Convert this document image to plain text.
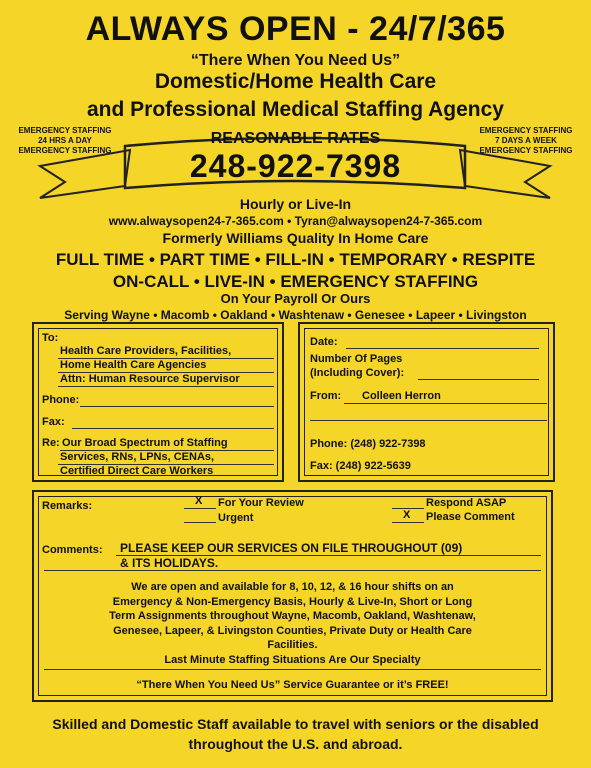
ALWAYS OPEN - 24/7/365
“There When You Need Us”
Domestic/Home Health Care
and Professional Medical Staffing Agency
EMERGENCY STAFFING
24 HRS A DAY
EMERGENCY STAFFING
EMERGENCY STAFFING
7 DAYS A WEEK
EMERGENCY STAFFING
REASONABLE RATES
248-922-7398
Hourly or Live-In
www.alwaysopen24-7-365.com • Tyran@alwaysopen24-7-365.com
Formerly Williams Quality In Home Care
FULL TIME • PART TIME • FILL-IN • TEMPORARY • RESPITE
ON-CALL • LIVE-IN • EMERGENCY STAFFING
On Your Payroll Or Ours
Serving Wayne • Macomb • Oakland • Washtenaw • Genesee • Lapeer • Livingston
To:
Health Care Providers, Facilities,
Home Health Care Agencies
Attn: Human Resource Supervisor
Phone:
Fax:
Re: Our Broad Spectrum of Staffing
Services, RNs, LPNs, CENAs,
Certified Direct Care Workers
Date:
Number Of Pages
(Including Cover):
From: Colleen Herron
Phone: (248) 922-7398
Fax: (248) 922-5639
Remarks:	X For Your Review
Urgent
Respond ASAP
X Please Comment
Comments: PLEASE KEEP OUR SERVICES ON FILE THROUGHOUT (09)
& ITS HOLIDAYS.
We are open and available for 8, 10, 12, & 16 hour shifts on an
Emergency & Non-Emergency Basis, Hourly & Live-In, Short or Long
Term Assignments throughout Wayne, Macomb, Oakland, Washtenaw,
Genesee, Lapeer, & Livingston Counties, Private Duty or Health Care
Facilities.
Last Minute Staffing Situations Are Our Specialty
“There When You Need Us” Service Guarantee or it’s FREE!
Skilled and Domestic Staff available to travel with seniors or the disabled
throughout the U.S. and abroad.
